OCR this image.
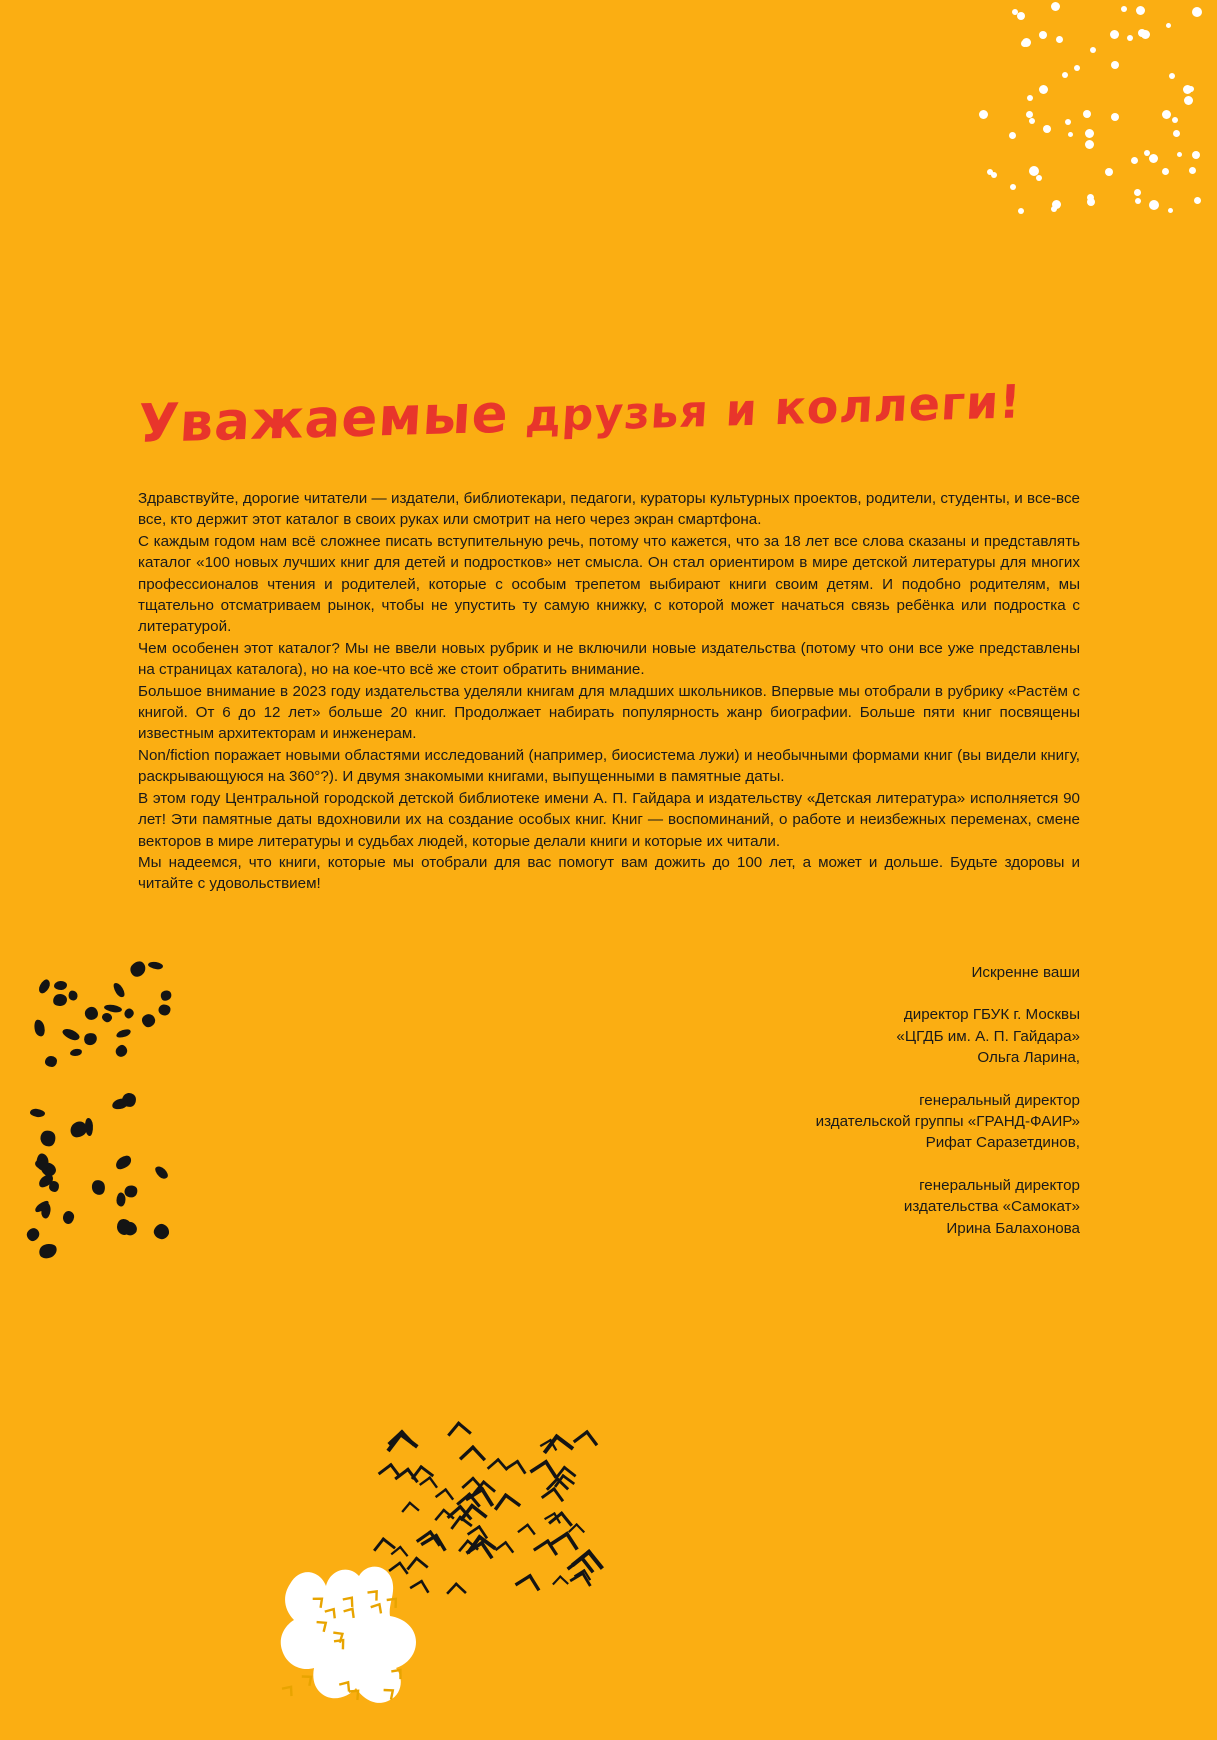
Уважаемые друзья и коллеги!

Здравствуйте, дорогие читатели — издатели, библиотекари, педагоги, кураторы культурных проектов, родители, студенты, и все-все все, кто держит этот каталог в своих руках или смотрит на него через экран смартфона.

С каждым годом нам всё сложнее писать вступительную речь, потому что кажется, что за 18 лет все слова сказаны и представлять каталог «100 новых лучших книг для детей и подростков» нет смысла. Он стал ориентиром в мире детской литературы для многих профессионалов чтения и родителей, которые с особым трепетом выбирают книги своим детям. И подобно родителям, мы тщательно отсматриваем рынок, чтобы не упустить ту самую книжку, с которой может начаться связь ребёнка или подростка с литературой.

Чем особенен этот каталог? Мы не ввели новых рубрик и не включили новые издательства (потому что они все уже представлены на страницах каталога), но на кое-что всё же стоит обратить внимание.

Большое внимание в 2023 году издательства уделяли книгам для младших школьников. Впервые мы отобрали в рубрику «Растём с книгой. От 6 до 12 лет» больше 20 книг. Продолжает набирать популярность жанр биографии. Больше пяти книг посвящены известным архитекторам и инженерам.

Non/fiction поражает новыми областями исследований (например, биосистема лужи) и необычными формами книг (вы видели книгу, раскрывающуюся на 360°?). И двумя знакомыми книгами, выпущенными в памятные даты.

В этом году Центральной городской детской библиотеке имени А. П. Гайдара и издательству «Детская литература» исполняется 90 лет! Эти памятные даты вдохновили их на создание особых книг. Книг — воспоминаний, о работе и неизбежных переменах, смене векторов в мире литературы и судьбах людей, которые делали книги и которые их читали.

Мы надеемся, что книги, которые мы отобрали для вас помогут вам дожить до 100 лет, а может и дольше. Будьте здоровы и читайте с удовольствием!

Искренне ваши
директор ГБУК г. Москвы
«ЦГДБ им. А. П. Гайдара»
Ольга Ларина,
генеральный директор
издательской группы «ГРАНД-ФАИР»
Рифат Саразетдинов,
генеральный директор
издательства «Самокат»
Ирина Балахонова
